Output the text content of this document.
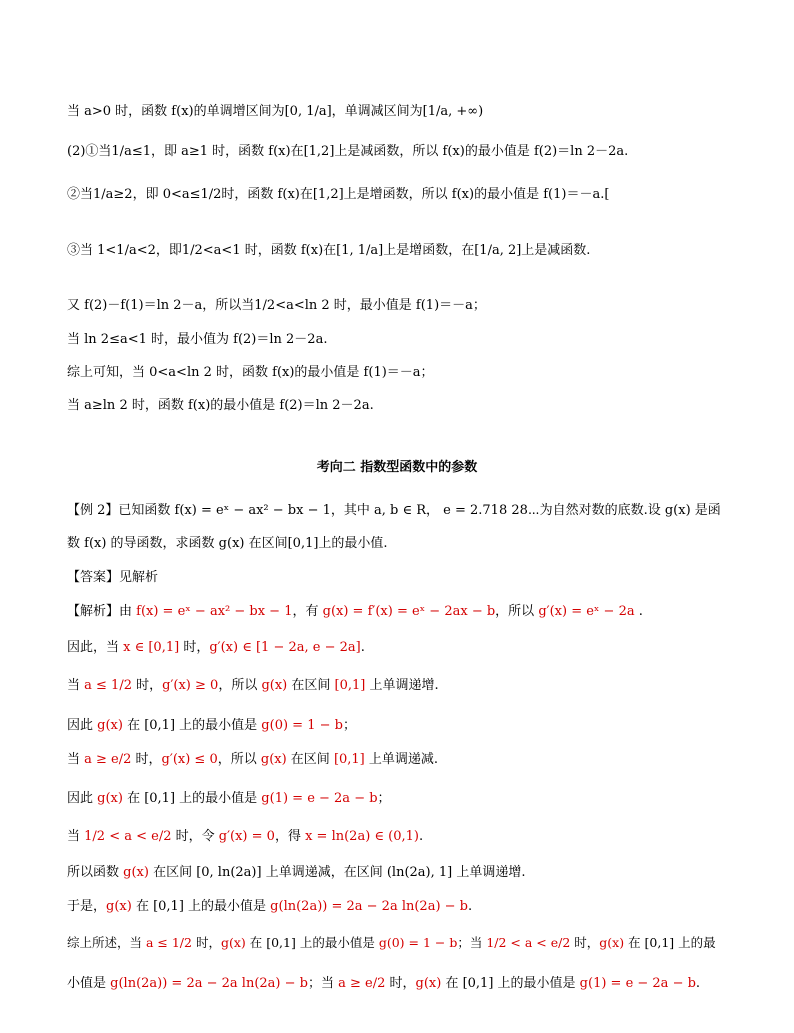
当 a>0 时，函数 f(x)的单调增区间为[0, 1/a]，单调减区间为[1/a, +∞)
(2)①当1/a≤1，即 a≥1 时，函数 f(x)在[1,2]上是减函数，所以 f(x)的最小值是 f(2)＝ln 2－2a.
②当1/a≥2，即 0<a≤1/2时，函数 f(x)在[1,2]上是增函数，所以 f(x)的最小值是 f(1)＝－a.[
③当 1<1/a<2，即1/2<a<1 时，函数 f(x)在[1, 1/a]上是增函数，在[1/a, 2]上是减函数.
又 f(2)－f(1)＝ln 2－a，所以当1/2<a<ln 2 时，最小值是 f(1)＝－a；
当 ln 2≤a<1 时，最小值为 f(2)＝ln 2－2a.
综上可知，当 0<a<ln 2 时，函数 f(x)的最小值是 f(1)＝－a；
当 a≥ln 2 时，函数 f(x)的最小值是 f(2)＝ln 2－2a.
考向二 指数型函数中的参数
【例 2】已知函数 f(x) = eˣ − ax² − bx − 1，其中 a, b ∈ R， e = 2.718 28⋯为自然对数的底数.设 g(x) 是函数 f(x) 的导函数，求函数 g(x) 在区间[0,1]上的最小值.
【答案】见解析
【解析】由 f(x) = eˣ − ax² − bx − 1，有 g(x) = f′(x) = eˣ − 2ax − b，所以 g′(x) = eˣ − 2a .
因此，当 x ∈ [0,1] 时，g′(x) ∈ [1 − 2a, e − 2a].
当 a ≤ 1/2 时，g′(x) ≥ 0，所以 g(x) 在区间 [0,1] 上单调递增.
因此 g(x) 在 [0,1] 上的最小值是 g(0) = 1 − b；
当 a ≥ e/2 时，g′(x) ≤ 0，所以 g(x) 在区间 [0,1] 上单调递减.
因此 g(x) 在 [0,1] 上的最小值是 g(1) = e − 2a − b；
当 1/2 < a < e/2 时，令 g′(x) = 0，得 x = ln(2a) ∈ (0,1).
所以函数 g(x) 在区间 [0, ln(2a)] 上单调递减，在区间 (ln(2a), 1] 上单调递增.
于是，g(x) 在 [0,1] 上的最小值是 g(ln(2a)) = 2a − 2a ln(2a) − b.
综上所述，当 a ≤ 1/2 时，g(x) 在 [0,1] 上的最小值是 g(0) = 1 − b；当 1/2 < a < e/2 时，g(x) 在 [0,1] 上的最
小值是 g(ln(2a)) = 2a − 2a ln(2a) − b；当 a ≥ e/2 时，g(x) 在 [0,1] 上的最小值是 g(1) = e − 2a − b.
